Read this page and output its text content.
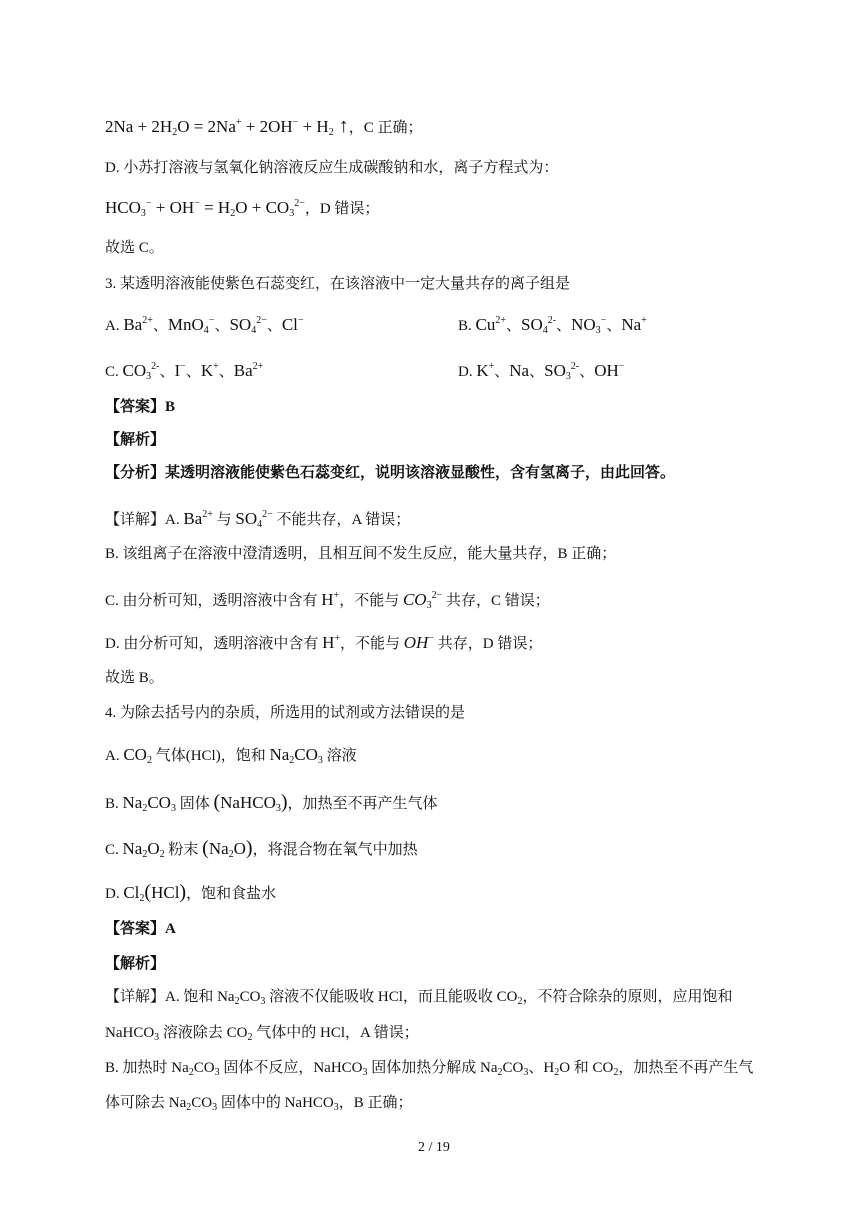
$2Na + 2H_2O = 2Na^+ + 2OH^- + H_2$ ↑，C 正确；
D. 小苏打溶液与氢氧化钠溶液反应生成碳酸钠和水，离子方程式为：
$HCO_3^- + OH^- = H_2O + CO_3^{2-}$，D 错误；
故选 C。
3. 某透明溶液能使紫色石蕊变红，在该溶液中一定大量共存的离子组是
A. $Ba^{2+}$、MnO$_4$−、$SO_4^{2-}$、Cl−
C. $CO_3^{2-}$、I−、K+、$Ba^{2+}$
【答案】B
【解析】
【分析】某透明溶液能使紫色石蕊变红，说明该溶液显酸性，含有氢离子，由此回答。
【详解】A. $Ba^{2+}$ 与 $SO_4^{2-}$ 不能共存，A 错误；
B. 该组离子在溶液中澄清透明，且相互间不发生反应，能大量共存，B 正确；
C. 由分析可知，透明溶液中含有 H+，不能与 $CO_3^{2-}$ 共存，C 错误；
D. 由分析可知，透明溶液中含有 H+，不能与 OH− 共存，D 错误；
故选 B。
4. 为除去括号内的杂质，所选用的试剂或方法错误的是
A. $CO_2$ 气体(HCl)，饱和 $Na_2CO_3$ 溶液
B. $Na_2CO_3$ 固体 (NaHCO$_3$)，加热至不再产生气体
C. $Na_2O_2$ 粉末 $(Na_2O)$，将混合物在氧气中加热
D. $Cl_2(HCl)$，饱和食盐水
【答案】A
【解析】
【详解】A. 饱和 $Na_2CO_3$ 溶液不仅能吸收 HCl，而且能吸收 $CO_2$，不符合除杂的原则，应用饱和
NaHCO$_3$ 溶液除去 $CO_2$ 气体中的 HCl，A 错误；
B. 加热时 $Na_2CO_3$ 固体不反应，NaHCO$_3$ 固体加热分解成 $Na_2CO_3$、$H_2O$ 和 $CO_2$，加热至不再产生气
体可除去 $Na_2CO_3$ 固体中的 NaHCO$_3$，B 正确；
B. $Cu^{2+}$、$SO_4^{2-}$、$NO_3^-$、Na+
D. K+、Na、$SO_3^{2-}$、OH−
2 / 19
